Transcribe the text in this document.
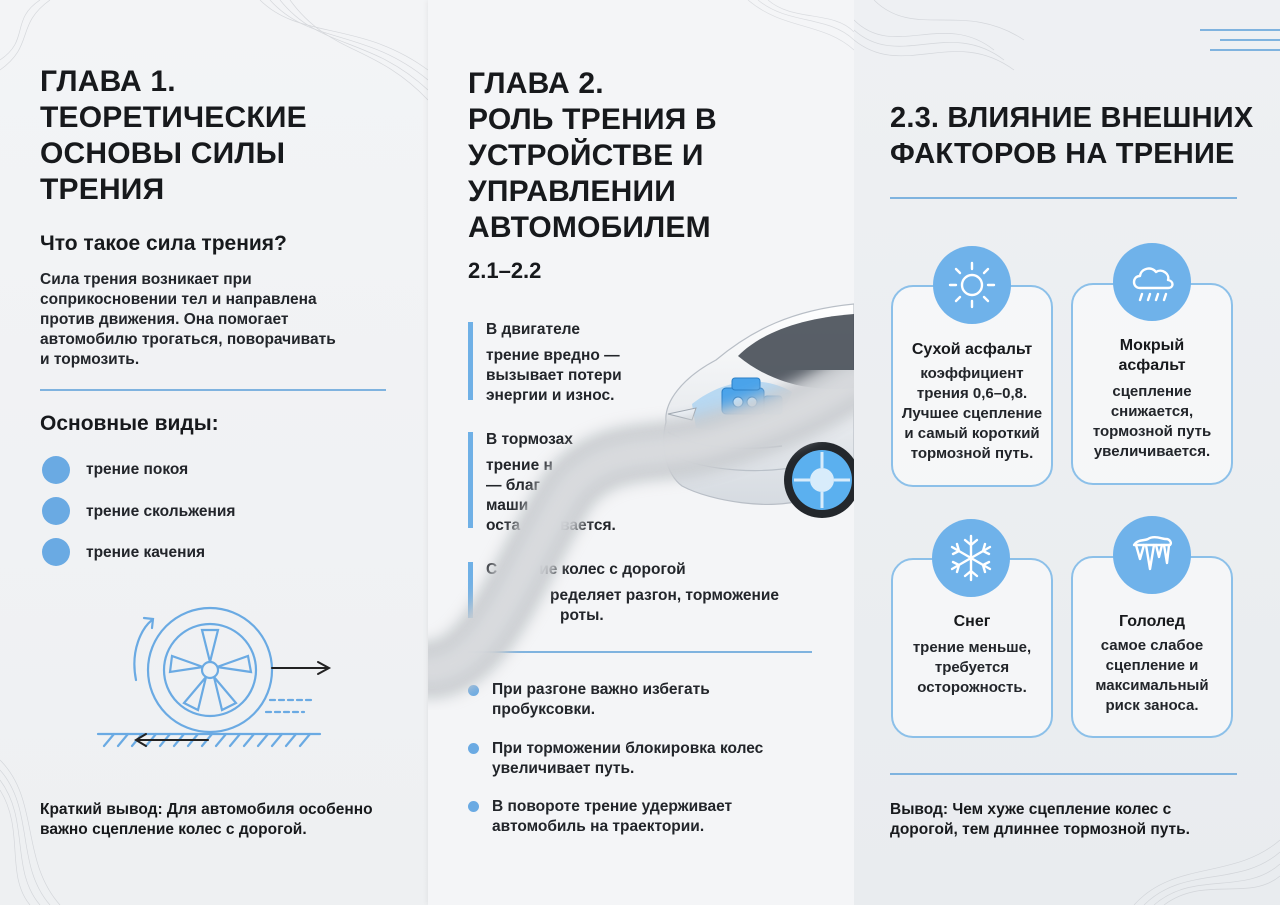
ГЛАВА 1.
ТЕОРЕТИЧЕСКИЕ
ОСНОВЫ СИЛЫ
ТРЕНИЯ
Что такое сила трения?
Сила трения возникает при
соприкосновении тел и направлена
против движения. Она помогает
автомобилю трогаться, поворачивать
и тормозить.
Основные виды:
трение покоя
трение скольжения
трение качения
Краткий вывод: Для автомобиля особенно
важно сцепление колес с дорогой.
ГЛАВА 2.
РОЛЬ ТРЕНИЯ В
УСТРОЙСТВЕ И
УПРАВЛЕНИИ
АВТОМОБИЛЕМ
2.1–2.2
В двигателе
трение вредно —
вызывает потери
энергии и износ.
В тормозах
трение н
— благ
маши
оста	вается.
С	ие колес с дорогой
ределяет разгон, торможение
роты.
При разгоне важно избегать
пробуксовки.
При торможении блокировка колес
увеличивает путь.
В повороте трение удерживает
автомобиль на траектории.
2.3. ВЛИЯНИЕ ВНЕШНИХ
ФАКТОРОВ НА ТРЕНИЕ
Сухой асфальт
коэффициент
трения 0,6–0,8.
Лучшее сцепление
и самый короткий
тормозной путь.
Мокрый
асфальт
сцепление
снижается,
тормозной путь
увеличивается.
Снег
трение меньше,
требуется
осторожность.
Гололед
самое слабое
сцепление и
максимальный
риск заноса.
Вывод: Чем хуже сцепление колес с
дорогой, тем длиннее тормозной путь.
